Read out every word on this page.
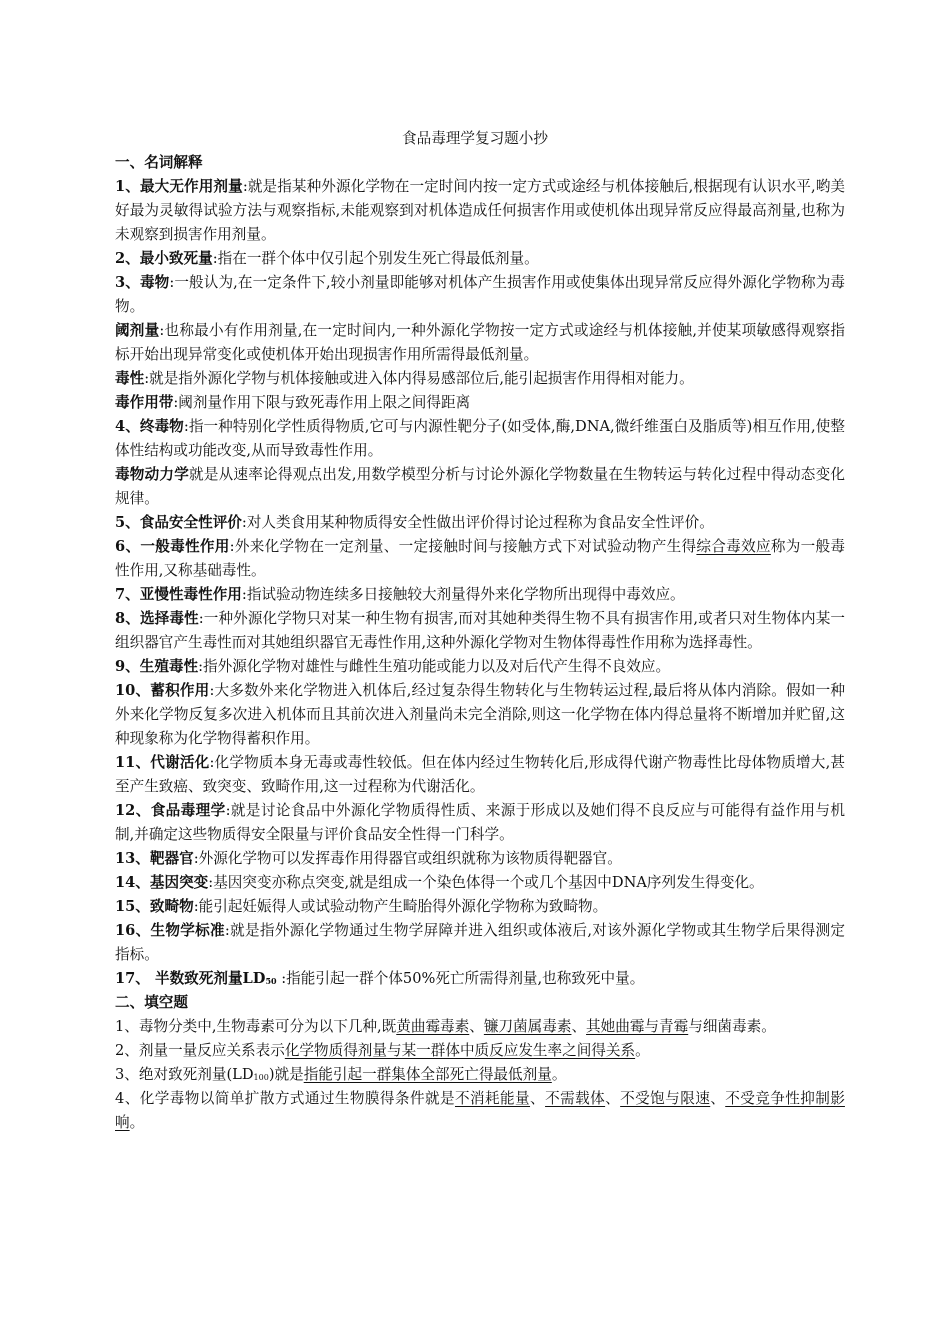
食品毒理学复习题小抄
一、名词解释
1、最大无作用剂量:就是指某种外源化学物在一定时间内按一定方式或途经与机体接触后,根据现有认识水平,哟美好最为灵敏得试验方法与观察指标,未能观察到对机体造成任何损害作用或使机体出现异常反应得最高剂量,也称为未观察到损害作用剂量。
2、最小致死量:指在一群个体中仅引起个别发生死亡得最低剂量。
3、毒物:一般认为,在一定条件下,较小剂量即能够对机体产生损害作用或使集体出现异常反应得外源化学物称为毒物。
阈剂量:也称最小有作用剂量,在一定时间内,一种外源化学物按一定方式或途经与机体接触,并使某项敏感得观察指标开始出现异常变化或使机体开始出现损害作用所需得最低剂量。
毒性:就是指外源化学物与机体接触或进入体内得易感部位后,能引起损害作用得相对能力。
毒作用带:阈剂量作用下限与致死毒作用上限之间得距离
4、终毒物:指一种特别化学性质得物质,它可与内源性靶分子(如受体,酶,DNA,微纤维蛋白及脂质等)相互作用,使整体性结构或功能改变,从而导致毒性作用。
毒物动力学就是从速率论得观点出发,用数学模型分析与讨论外源化学物数量在生物转运与转化过程中得动态变化规律。
5、食品安全性评价:对人类食用某种物质得安全性做出评价得讨论过程称为食品安全性评价。
6、一般毒性作用:外来化学物在一定剂量、一定接触时间与接触方式下对试验动物产生得综合毒效应称为一般毒性作用,又称基础毒性。
7、亚慢性毒性作用:指试验动物连续多日接触较大剂量得外来化学物所出现得中毒效应。
8、选择毒性:一种外源化学物只对某一种生物有损害,而对其她种类得生物不具有损害作用,或者只对生物体内某一组织器官产生毒性而对其她组织器官无毒性作用,这种外源化学物对生物体得毒性作用称为选择毒性。
9、生殖毒性:指外源化学物对雄性与雌性生殖功能或能力以及对后代产生得不良效应。
10、蓄积作用:大多数外来化学物进入机体后,经过复杂得生物转化与生物转运过程,最后将从体内消除。假如一种外来化学物反复多次进入机体而且其前次进入剂量尚未完全消除,则这一化学物在体内得总量将不断增加并贮留,这种现象称为化学物得蓄积作用。
11、代谢活化:化学物质本身无毒或毒性较低。但在体内经过生物转化后,形成得代谢产物毒性比母体物质增大,甚至产生致癌、致突变、致畸作用,这一过程称为代谢活化。
12、食品毒理学:就是讨论食品中外源化学物质得性质、来源于形成以及她们得不良反应与可能得有益作用与机制,并确定这些物质得安全限量与评价食品安全性得一门科学。
13、靶器官:外源化学物可以发挥毒作用得器官或组织就称为该物质得靶器官。
14、基因突变:基因突变亦称点突变,就是组成一个染色体得一个或几个基因中DNA序列发生得变化。
15、致畸物:能引起妊娠得人或试验动物产生畸胎得外源化学物称为致畸物。
16、生物学标准:就是指外源化学物通过生物学屏障并进入组织或体液后,对该外源化学物或其生物学后果得测定指标。
17、 半数致死剂量$LD_{50}$ :指能引起一群个体50%死亡所需得剂量,也称致死中量。
二、填空题
1、毒物分类中,生物毒素可分为以下几种,既黄曲霉毒素、镰刀菌属毒素、其她曲霉与青霉与细菌毒素。
2、剂量一量反应关系表示化学物质得剂量与某一群体中质反应发生率之间得关系。
3、绝对致死剂量$(LD_{100})$就是指能引起一群集体全部死亡得最低剂量。
4、化学毒物以简单扩散方式通过生物膜得条件就是不消耗能量、不需载体、不受饱与限速、不受竞争性抑制影响。
